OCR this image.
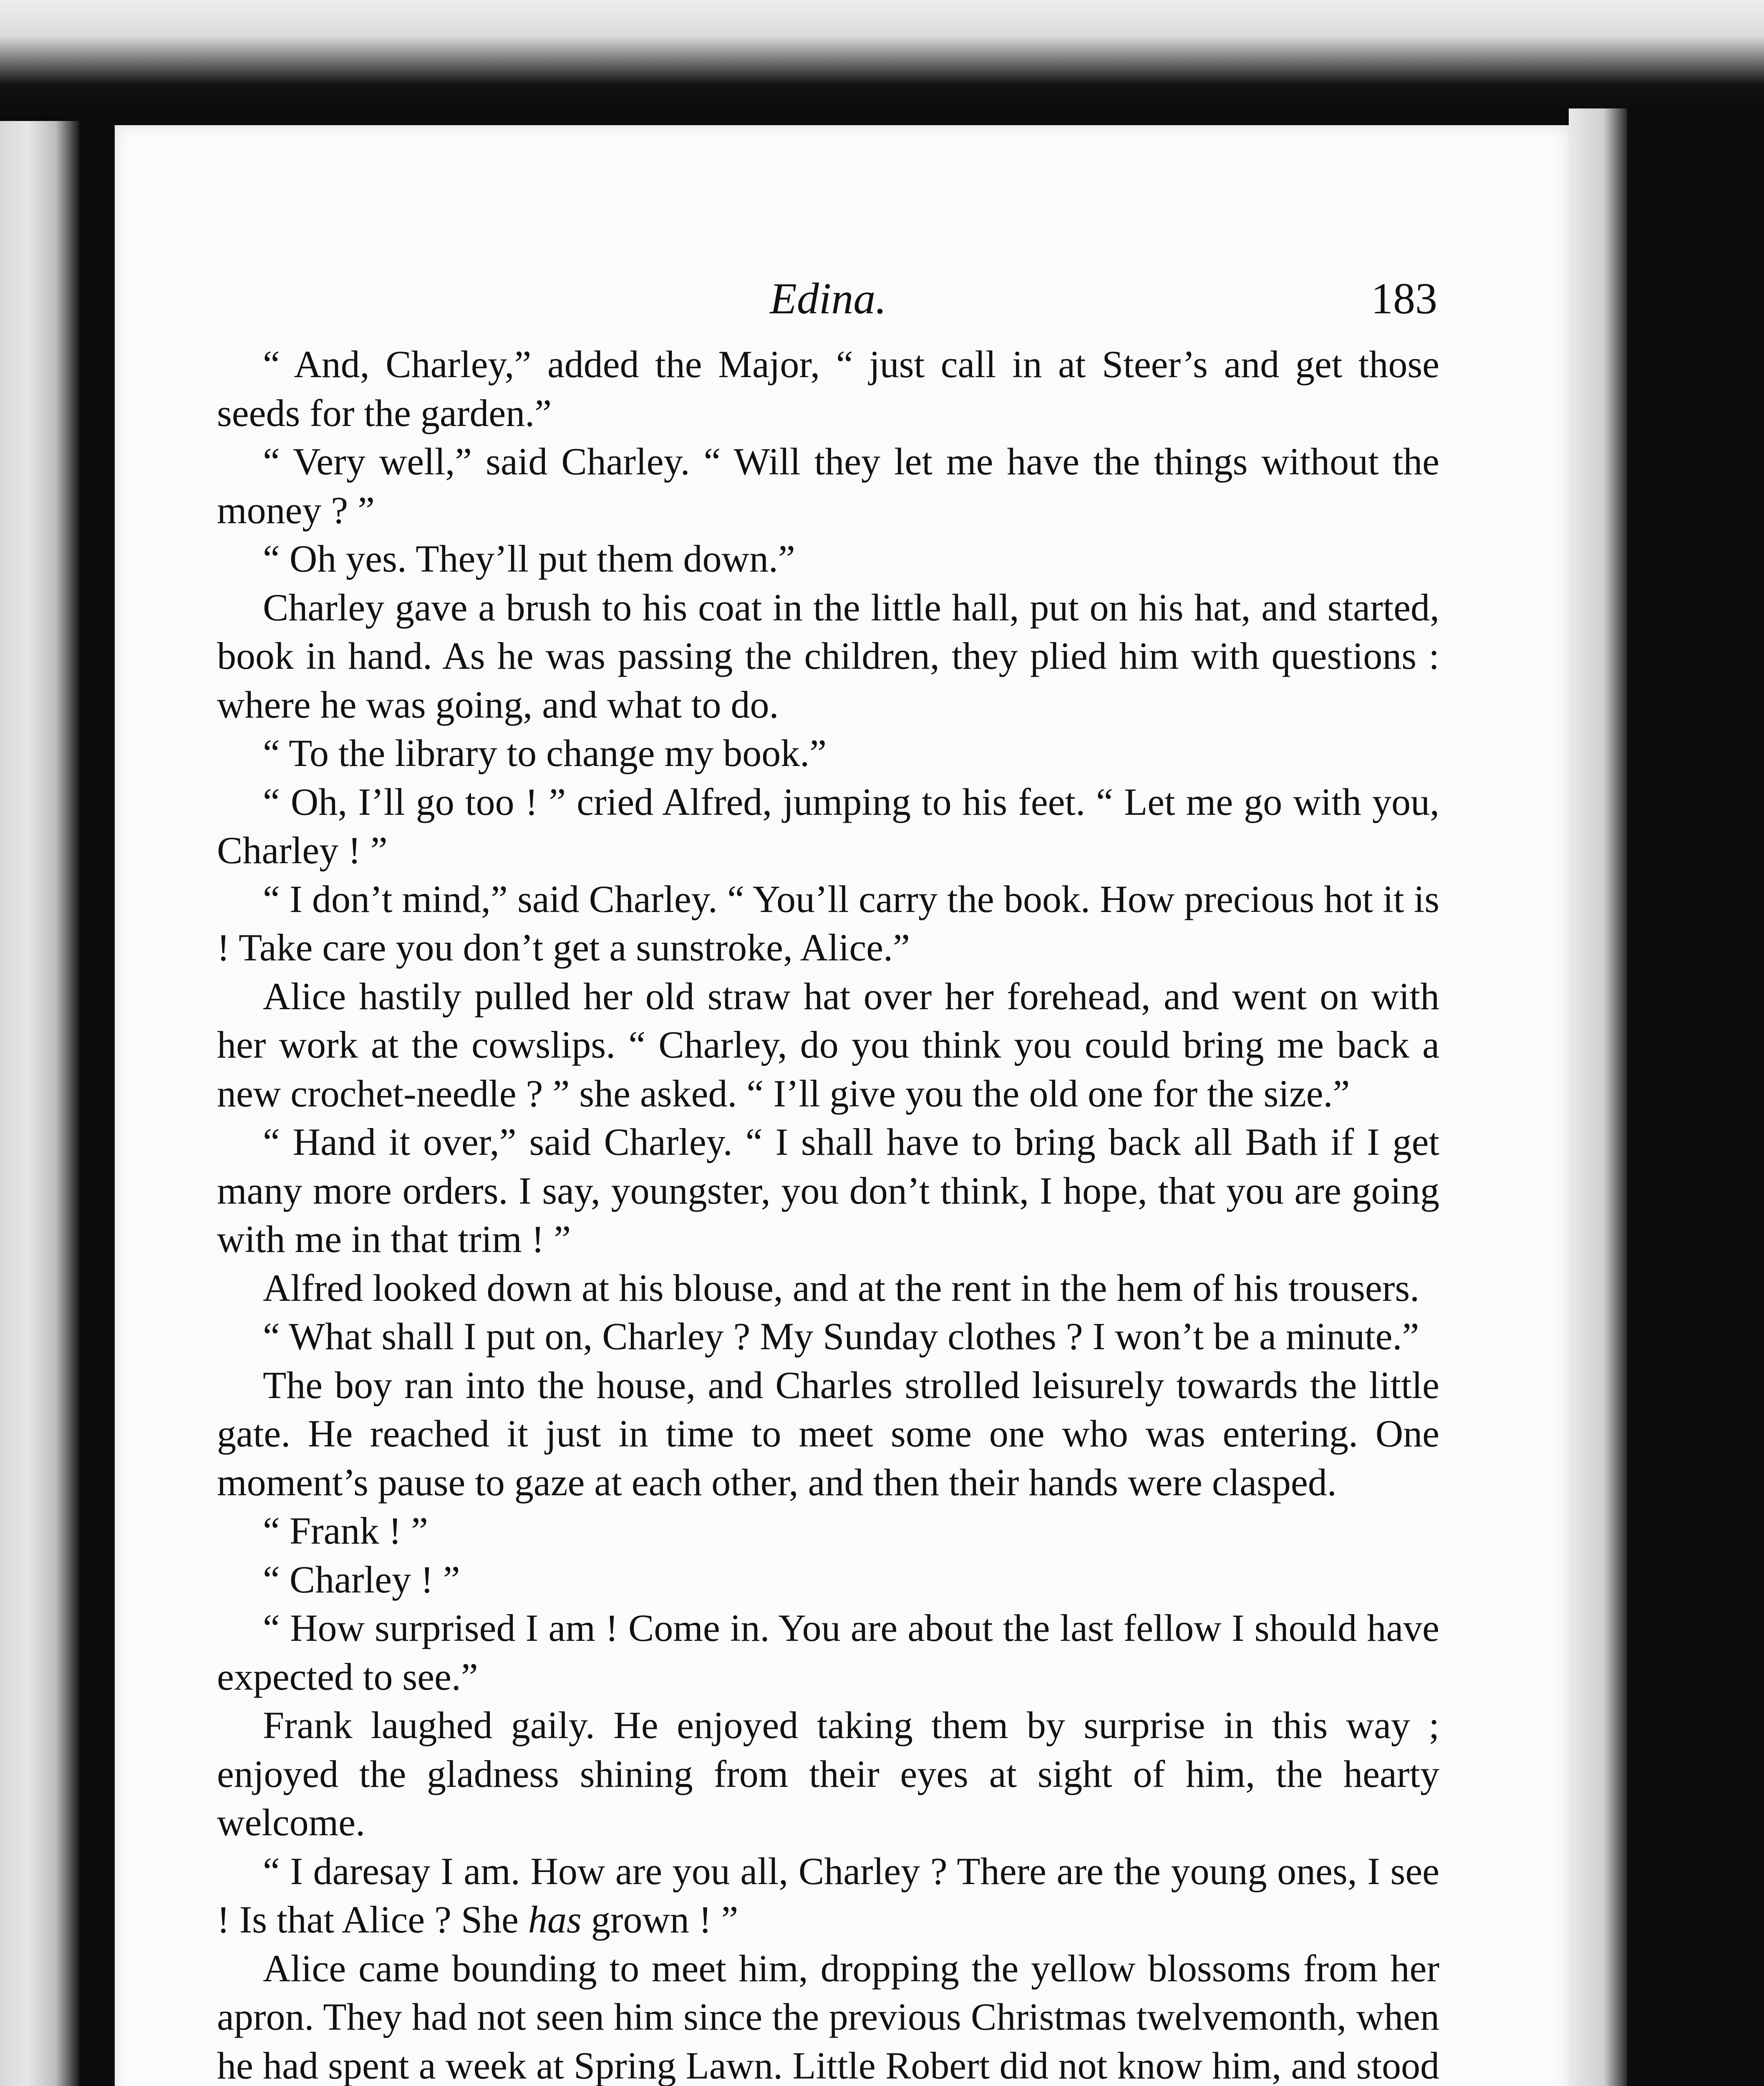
Edina.	183

“ And, Charley,” added the Major, “ just call in at Steer’s and get those seeds for the garden.”

“ Very well,” said Charley. “ Will they let me have the things without the money ? ”

“ Oh yes. They’ll put them down.”

Charley gave a brush to his coat in the little hall, put on his hat, and started, book in hand. As he was passing the children, they plied him with questions : where he was going, and what to do.

“ To the library to change my book.”

“ Oh, I’ll go too ! ” cried Alfred, jumping to his feet. “ Let me go with you, Charley ! ”

“ I don’t mind,” said Charley. “ You’ll carry the book. How precious hot it is ! Take care you don’t get a sunstroke, Alice.”

Alice hastily pulled her old straw hat over her forehead, and went on with her work at the cowslips. “ Charley, do you think you could bring me back a new crochet-needle ? ” she asked. “ I’ll give you the old one for the size.”

“ Hand it over,” said Charley. “ I shall have to bring back all Bath if I get many more orders. I say, youngster, you don’t think, I hope, that you are going with me in that trim ! ”

Alfred looked down at his blouse, and at the rent in the hem of his trousers.

“ What shall I put on, Charley ? My Sunday clothes ? I won’t be a minute.”

The boy ran into the house, and Charles strolled leisurely towards the little gate. He reached it just in time to meet some one who was entering. One moment’s pause to gaze at each other, and then their hands were clasped.

“ Frank ! ”

“ Charley ! ”

“ How surprised I am ! Come in. You are about the last fellow I should have expected to see.”

Frank laughed gaily. He enjoyed taking them by surprise in this way ; enjoyed the gladness shining from their eyes at sight of him, the hearty welcome.

“ I daresay I am. How are you all, Charley ? There are the young ones, I see ! Is that Alice ? She has grown ! ”

Alice came bounding to meet him, dropping the yellow blossoms from her apron. They had not seen him since the previous Christmas twelvemonth, when he had spent a week at Spring Lawn. Little Robert did not know him, and stood
